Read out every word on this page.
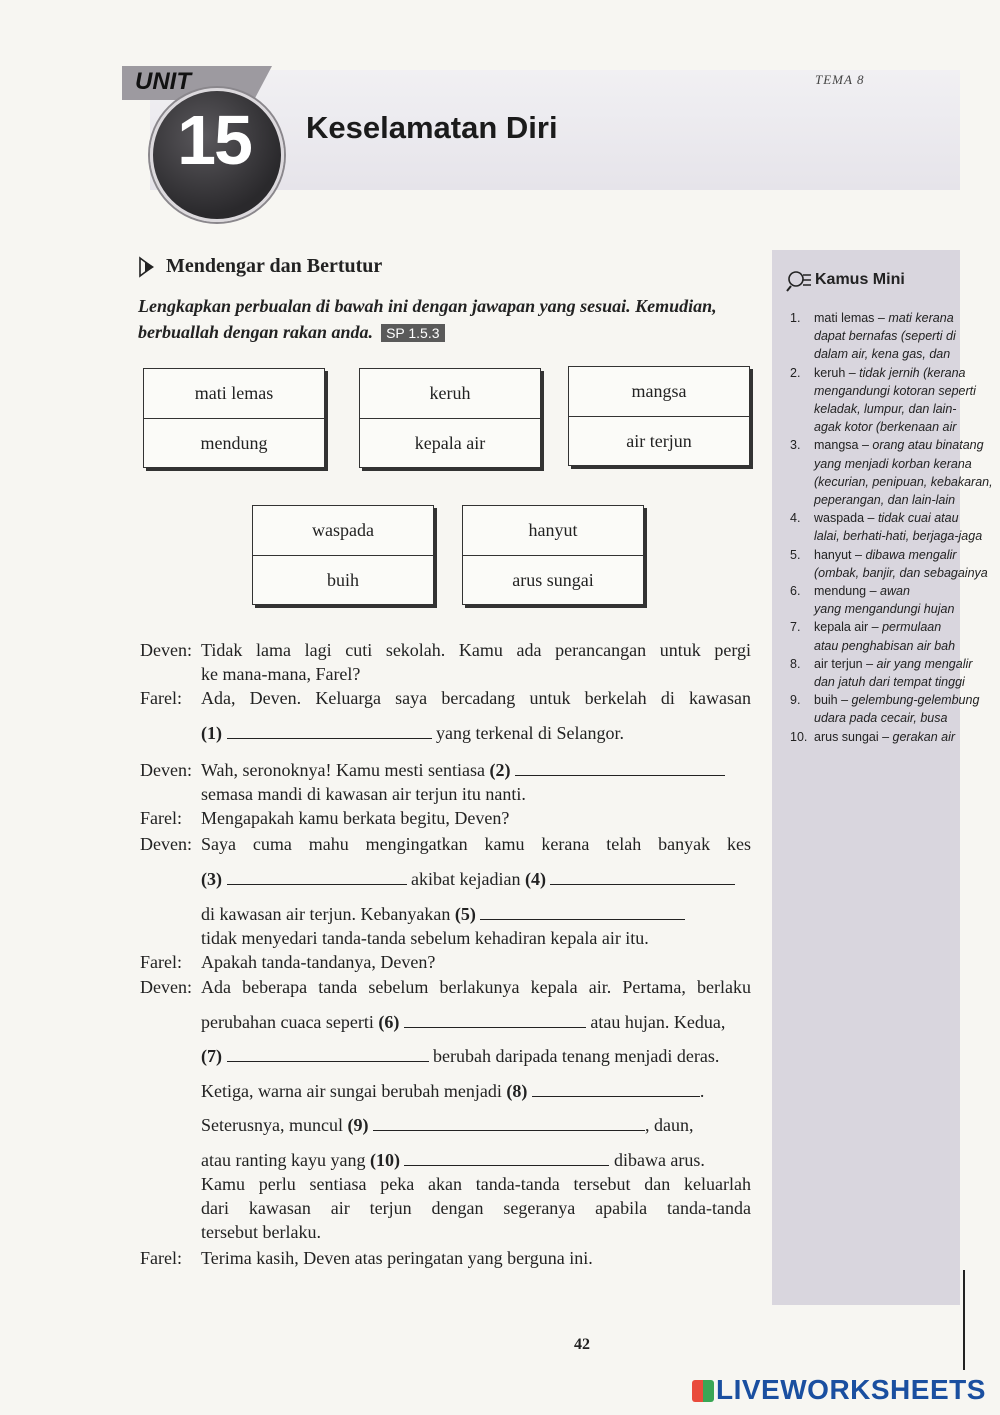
UNIT
15	Keselamatan Diri
TEMA 8
Mendengar dan Bertutur
Lengkapkan perbualan di bawah ini dengan jawapan yang sesuai. Kemudian, berbuallah dengan rakan anda. SP 1.5.3
mati lemas
mendung
keruh
kepala air
mangsa
air terjun
waspada
buih
hanyut
arus sungai
Deven: Tidak lama lagi cuti sekolah. Kamu ada perancangan untuk pergi
ke mana-mana, Farel?
Farel: Ada, Deven. Keluarga saya bercadang untuk berkelah di kawasan
(1)	yang terkenal di Selangor.
Deven: Wah, seronoknya! Kamu mesti sentiasa (2)
semasa mandi di kawasan air terjun itu nanti.
Farel: Mengapakah kamu berkata begitu, Deven?
Deven: Saya cuma mahu mengingatkan kamu kerana telah banyak kes
(3)	akibat kejadian (4)
di kawasan air terjun. Kebanyakan (5)
tidak menyedari tanda-tanda sebelum kehadiran kepala air itu.
Farel: Apakah tanda-tandanya, Deven?
Deven: Ada beberapa tanda sebelum berlakunya kepala air. Pertama, berlaku
perubahan cuaca seperti (6)	atau hujan. Kedua,
(7)	berubah daripada tenang menjadi deras.
Ketiga, warna air sungai berubah menjadi (8)	.
Seterusnya, muncul (9)	, daun,
atau ranting kayu yang (10)	dibawa arus.
Kamu perlu sentiasa peka akan tanda-tanda tersebut dan keluarlah
dari kawasan air terjun dengan segeranya apabila tanda-tanda
tersebut berlaku.
Farel: Terima kasih, Deven atas peringatan yang berguna ini.
Kamus Mini
1. mati lemas – mati kerana
dapat bernafas (seperti di
dalam air, kena gas, dan
2. keruh – tidak jernih (kerana
mengandungi kotoran seperti
keladak, lumpur, dan lain-
agak kotor (berkenaan air
3. mangsa – orang atau binatang
yang menjadi korban kerana
(kecurian, penipuan, kebakaran,
peperangan, dan lain-lain
4. waspada – tidak cuai atau
lalai, berhati-hati, berjaga-jaga
5. hanyut – dibawa mengalir
(ombak, banjir, dan sebagainya
6. mendung – awan
yang mengandungi hujan
7. kepala air – permulaan
atau penghabisan air bah
8. air terjun – air yang mengalir
dan jatuh dari tempat tinggi
9. buih – gelembung-gelembung
udara pada cecair, busa
10. arus sungai – gerakan air
42
LIVEWORKSHEETS
